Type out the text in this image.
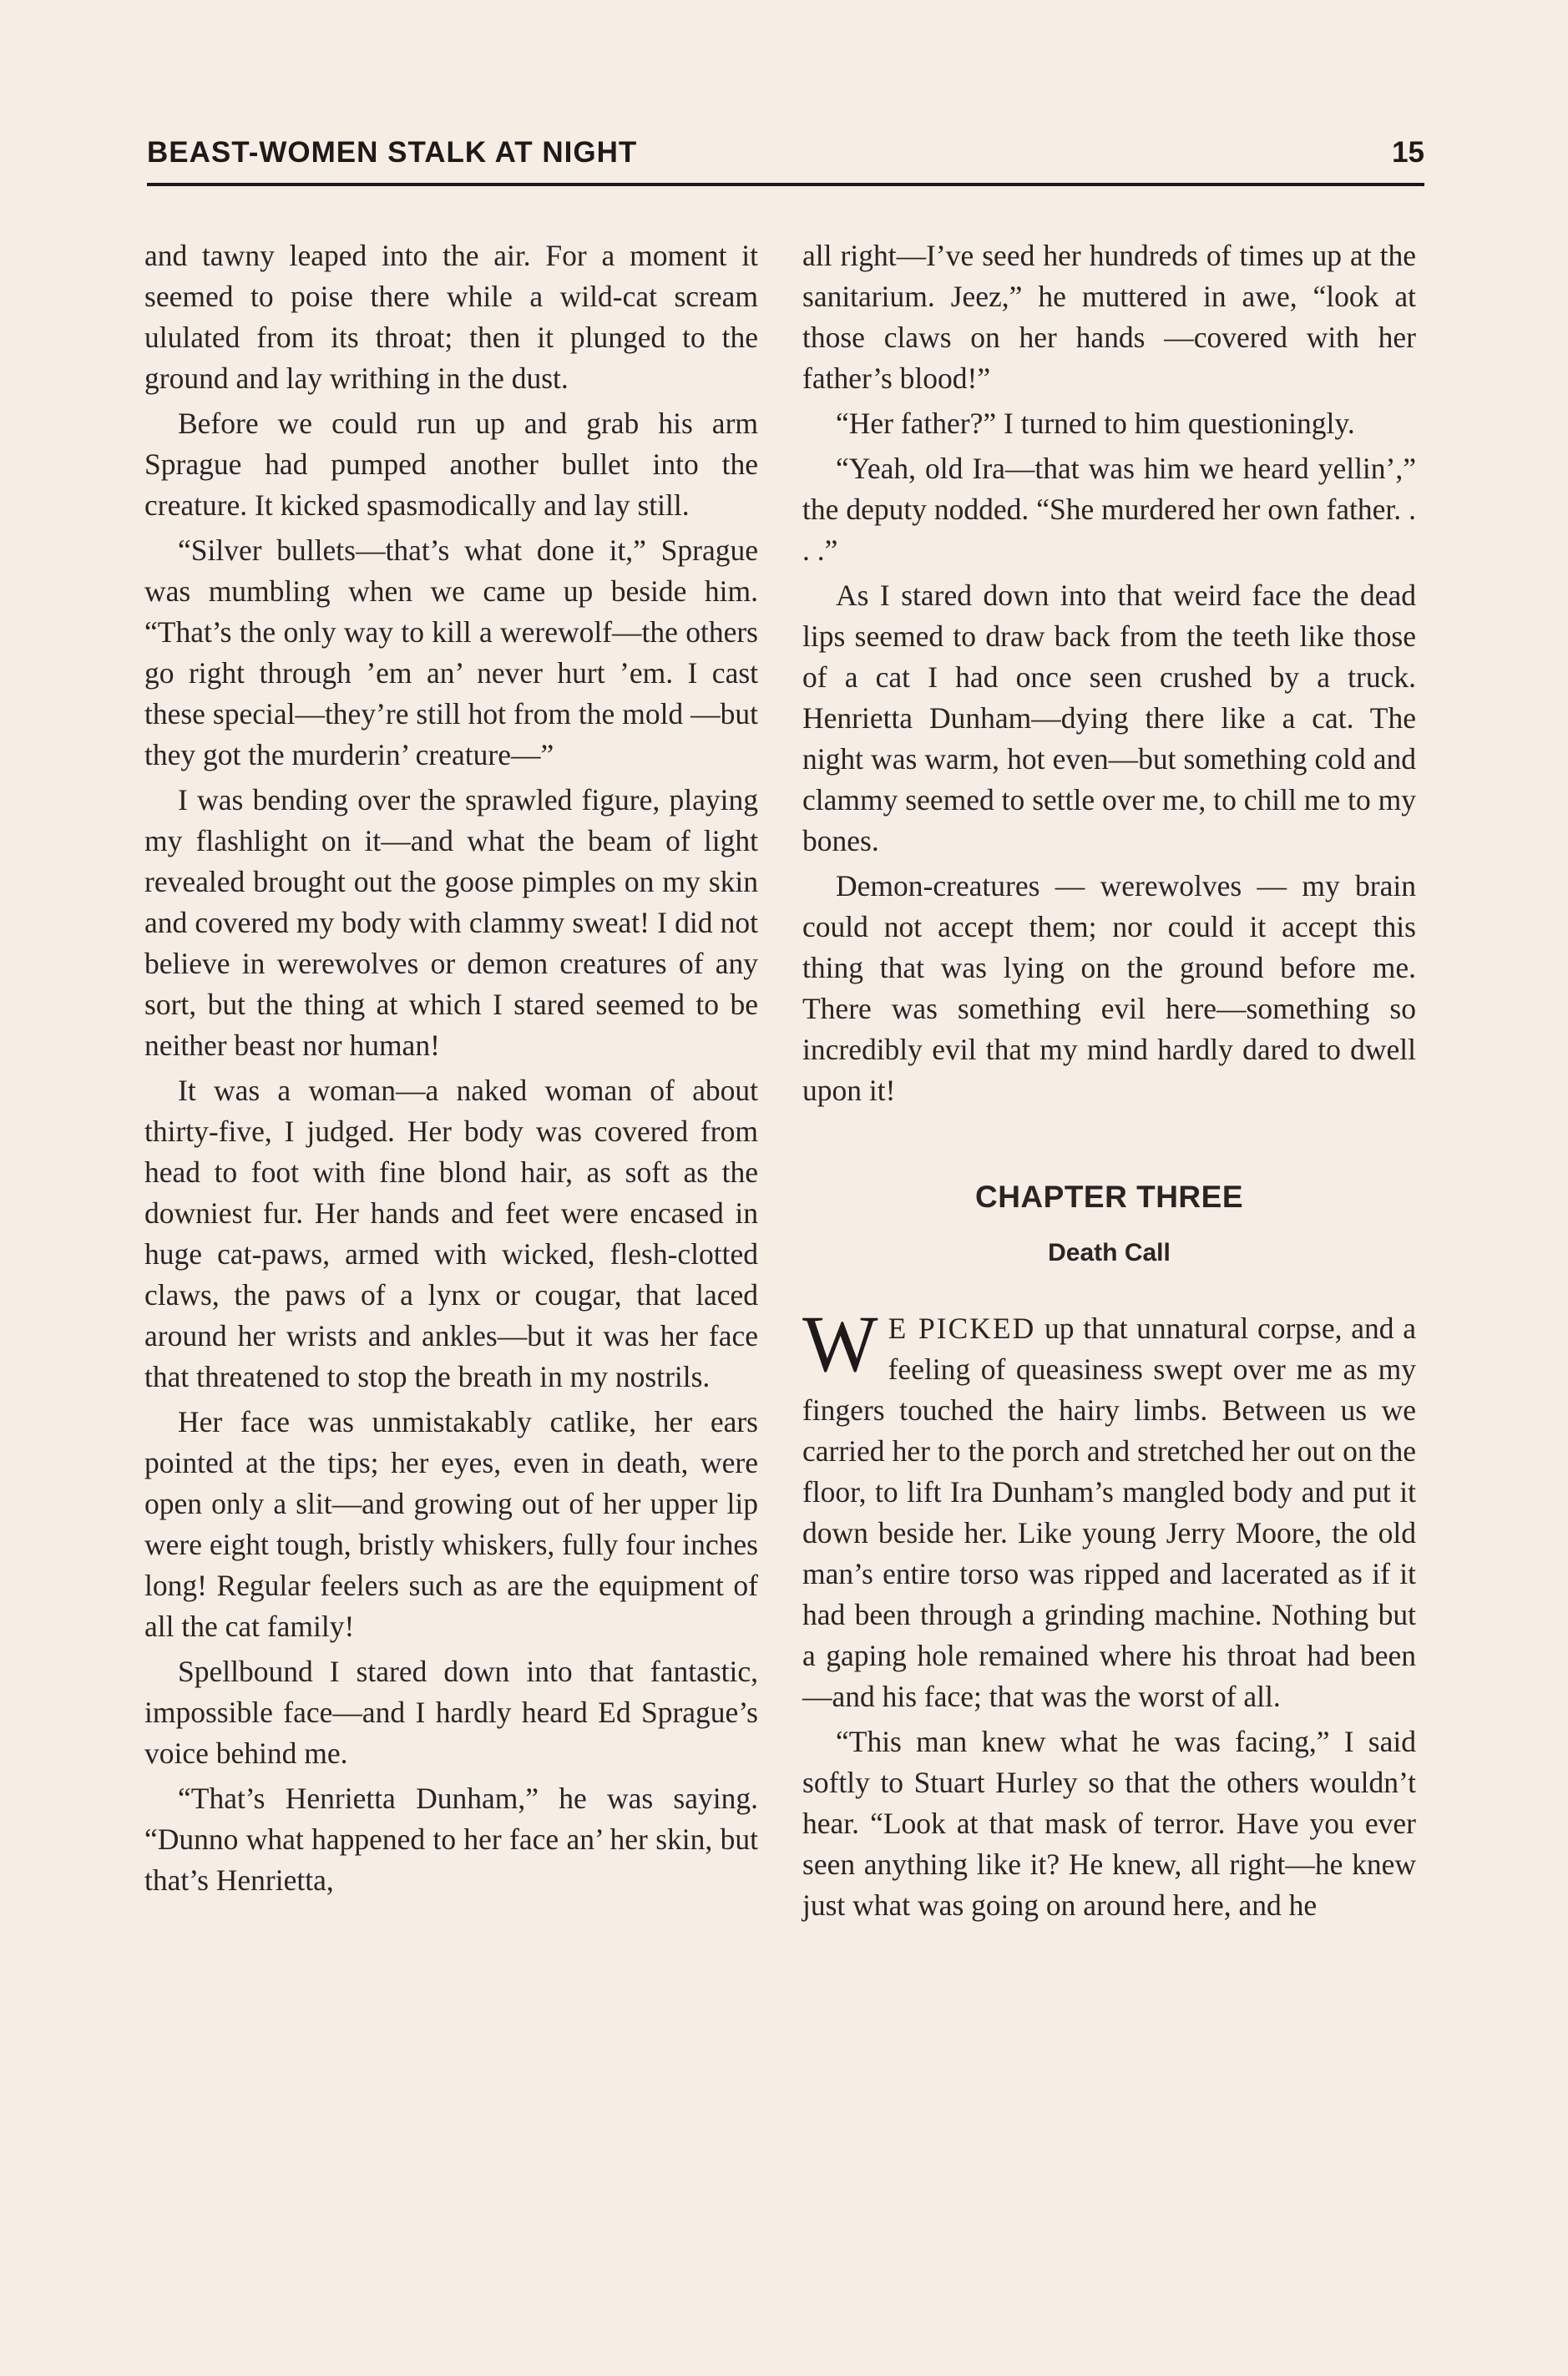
BEAST-WOMEN STALK AT NIGHT	15

and tawny leaped into the air. For a moment it seemed to poise there while a wild-cat scream ululated from its throat; then it plunged to the ground and lay writhing in the dust.

Before we could run up and grab his arm Sprague had pumped another bullet into the creature. It kicked spasmodically and lay still.

“Silver bullets—that’s what done it,” Sprague was mumbling when we came up beside him. “That’s the only way to kill a werewolf—the others go right through ’em an’ never hurt ’em. I cast these special—they’re still hot from the mold —but they got the murderin’ creature—”

I was bending over the sprawled figure, playing my flashlight on it—and what the beam of light revealed brought out the goose pimples on my skin and covered my body with clammy sweat! I did not believe in werewolves or demon creatures of any sort, but the thing at which I stared seemed to be neither beast nor human!

It was a woman—a naked woman of about thirty-five, I judged. Her body was covered from head to foot with fine blond hair, as soft as the downiest fur. Her hands and feet were encased in huge cat-paws, armed with wicked, flesh-clotted claws, the paws of a lynx or cougar, that laced around her wrists and ankles—but it was her face that threatened to stop the breath in my nostrils.

Her face was unmistakably catlike, her ears pointed at the tips; her eyes, even in death, were open only a slit—and growing out of her upper lip were eight tough, bristly whiskers, fully four inches long! Regular feelers such as are the equipment of all the cat family!

Spellbound I stared down into that fantastic, impossible face—and I hardly heard Ed Sprague’s voice behind me.

“That’s Henrietta Dunham,” he was saying. “Dunno what happened to her face an’ her skin, but that’s Henrietta,

all right—I’ve seed her hundreds of times up at the sanitarium. Jeez,” he muttered in awe, “look at those claws on her hands —covered with her father’s blood!”

“Her father?” I turned to him questioningly.

“Yeah, old Ira—that was him we heard yellin’,” the deputy nodded. “She murdered her own father. . . .”

As I stared down into that weird face the dead lips seemed to draw back from the teeth like those of a cat I had once seen crushed by a truck. Henrietta Dunham—dying there like a cat. The night was warm, hot even—but something cold and clammy seemed to settle over me, to chill me to my bones.

Demon-creatures — werewolves — my brain could not accept them; nor could it accept this thing that was lying on the ground before me. There was something evil here—something so incredibly evil that my mind hardly dared to dwell upon it!

CHAPTER THREE
Death Call

W E PICKED up that unnatural corpse, and a feeling of queasiness swept over me as my fingers touched the hairy limbs. Between us we carried her to the porch and stretched her out on the floor, to lift Ira Dunham’s mangled body and put it down beside her. Like young Jerry Moore, the old man’s entire torso was ripped and lacerated as if it had been through a grinding machine. Nothing but a gaping hole remained where his throat had been—and his face; that was the worst of all.

“This man knew what he was facing,” I said softly to Stuart Hurley so that the others wouldn’t hear. “Look at that mask of terror. Have you ever seen anything like it? He knew, all right—he knew just what was going on around here, and he
